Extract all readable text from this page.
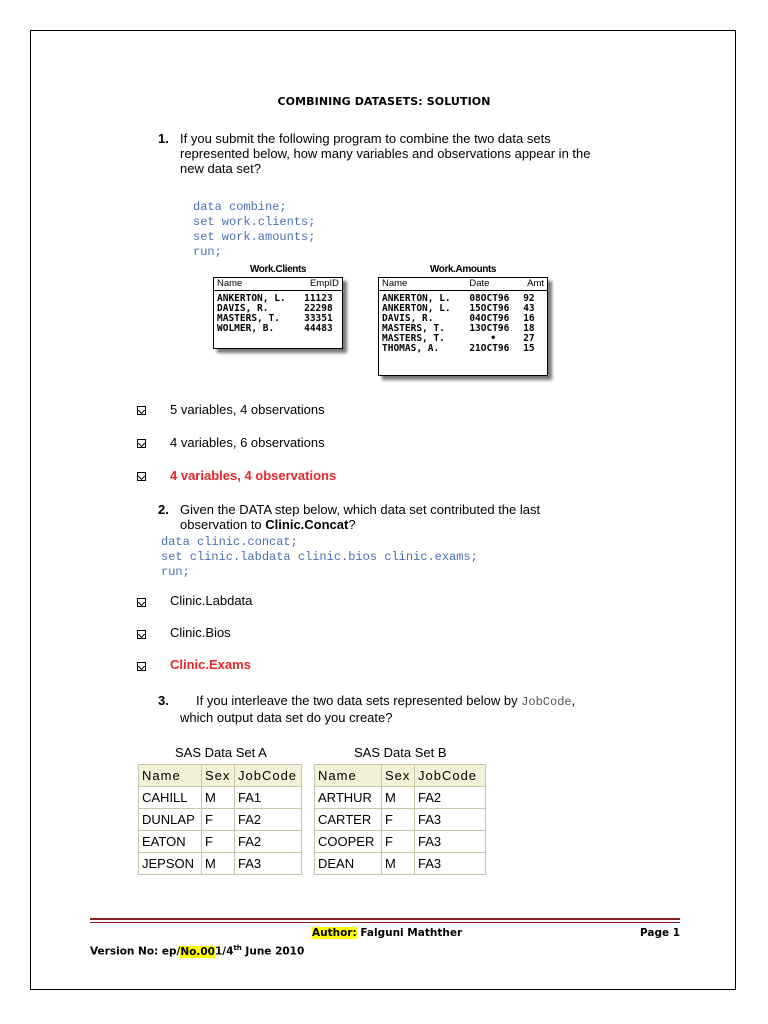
COMBINING DATASETS: SOLUTION
1. If you submit the following program to combine the two data sets
represented below, how many variables and observations appear in the
new data set?
data combine;
set work.clients;
set work.amounts;
run;
Work.Clients
Name	EmpID
ANKERTON, L.	11123
DAVIS, R.	22298
MASTERS, T.	33351
WOLMER, B.	44483
Work.Amounts
Name	Date	Amt
ANKERTON, L.	08OCT96	92
ANKERTON, L.	15OCT96	43
DAVIS, R.	04OCT96	16
MASTERS, T.	13OCT96	18
MASTERS, T.	•	27
THOMAS, A.	21OCT96	15
5 variables, 4 observations
4 variables, 6 observations
4 variables, 4 observations
2. Given the DATA step below, which data set contributed the last
observation to Clinic.Concat?
data clinic.concat;
set clinic.labdata clinic.bios clinic.exams;
run;
Clinic.Labdata
Clinic.Bios
Clinic.Exams
3.	If you interleave the two data sets represented below by JobCode,
which output data set do you create?
SAS Data Set A
Name	Sex	JobCode
CAHILL	M	FA1
DUNLAP	F	FA2
EATON	F	FA2
JEPSON	M	FA3
SAS Data Set B
Name	Sex	JobCode
ARTHUR	M	FA2
CARTER	F	FA3
COOPER	F	FA3
DEAN	M	FA3
Author: Falguni Mathther	Page 1
Version No: ep/No.001/4th June 2010
